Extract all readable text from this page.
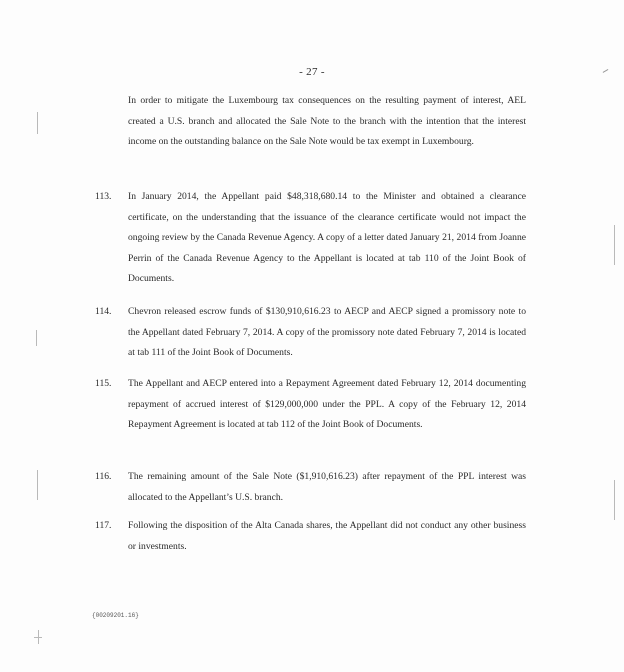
- 27 -

In order to mitigate the Luxembourg tax consequences on the resulting payment of interest, AEL created a U.S. branch and allocated the Sale Note to the branch with the intention that the interest income on the outstanding balance on the Sale Note would be tax exempt in Luxembourg.

113. In January 2014, the Appellant paid $48,318,680.14 to the Minister and obtained a clearance certificate, on the understanding that the issuance of the clearance certificate would not impact the ongoing review by the Canada Revenue Agency. A copy of a letter dated January 21, 2014 from Joanne Perrin of the Canada Revenue Agency to the Appellant is located at tab 110 of the Joint Book of Documents.

114. Chevron released escrow funds of $130,910,616.23 to AECP and AECP signed a promissory note to the Appellant dated February 7, 2014. A copy of the promissory note dated February 7, 2014 is located at tab 111 of the Joint Book of Documents.

115. The Appellant and AECP entered into a Repayment Agreement dated February 12, 2014 documenting repayment of accrued interest of $129,000,000 under the PPL. A copy of the February 12, 2014 Repayment Agreement is located at tab 112 of the Joint Book of Documents.

116. The remaining amount of the Sale Note ($1,910,616.23) after repayment of the PPL interest was allocated to the Appellant’s U.S. branch.

117. Following the disposition of the Alta Canada shares, the Appellant did not conduct any other business or investments.

{00209201.16}
